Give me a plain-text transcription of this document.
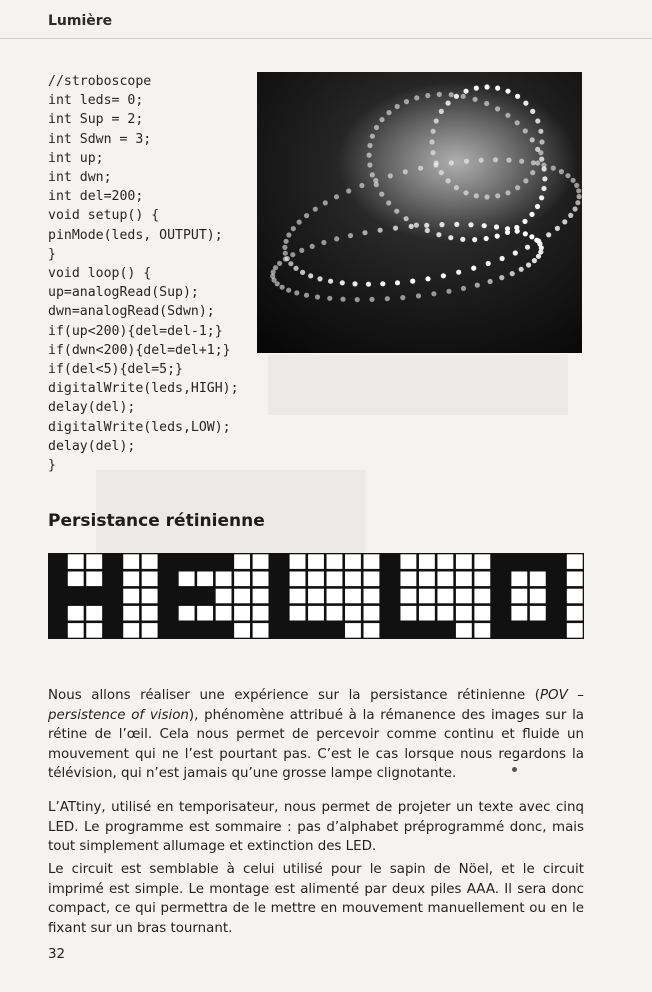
Lumière
//stroboscope
int leds= 0;
int Sup = 2;
int Sdwn = 3;
int up;
int dwn;
int del=200;
void setup() {
pinMode(leds, OUTPUT);
}
void loop() {
up=analogRead(Sup);
dwn=analogRead(Sdwn);
if(up<200){del=del-1;}
if(dwn<200){del=del+1;}
if(del<5){del=5;}
digitalWrite(leds,HIGH);
delay(del);
digitalWrite(leds,LOW);
delay(del);
}
Persistance rétinienne

Nous allons réaliser une expérience sur la persistance rétinienne (POV – persistence of vision), phénomène attribué à la rémanence des images sur la rétine de l’œil. Cela nous permet de percevoir comme continu et fluide un mouvement qui ne l’est pourtant pas. C’est le cas lorsque nous regardons la télévision, qui n’est jamais qu’une grosse lampe clignotante.

L’ATtiny, utilisé en temporisateur, nous permet de projeter un texte avec cinq LED. Le programme est sommaire : pas d’alphabet préprogrammé donc, mais tout simplement allumage et extinction des LED.

Le circuit est semblable à celui utilisé pour le sapin de Nöel, et le circuit imprimé est simple. Le montage est alimenté par deux piles AAA. Il sera donc compact, ce qui permettra de le mettre en mouvement manuellement ou en le fixant sur un bras tournant.

32
